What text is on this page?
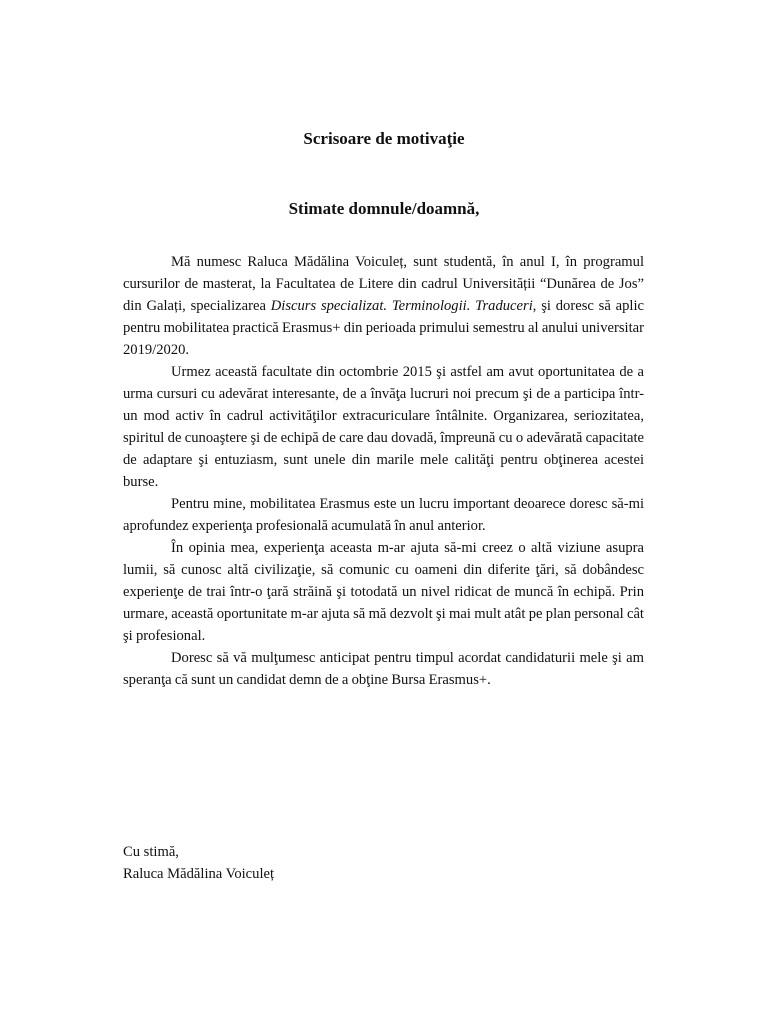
Scrisoare de motivaţie
Stimate domnule/doamnă,

Mă numesc Raluca Mădălina Voiculeț, sunt studentă, în anul I, în programul cursurilor de masterat, la Facultatea de Litere din cadrul Universității “Dunărea de Jos” din Galați, specializarea Discurs specializat. Terminologii. Traduceri, şi doresc să aplic pentru mobilitatea practică Erasmus+ din perioada primului semestru al anului universitar 2019/2020.

Urmez această facultate din octombrie 2015 şi astfel am avut oportunitatea de a urma cursuri cu adevărat interesante, de a învăţa lucruri noi precum şi de a participa într-un mod activ în cadrul activităţilor extracuriculare întâlnite. Organizarea, seriozitatea, spiritul de cunoaştere şi de echipă de care dau dovadă, împreună cu o adevărată capacitate de adaptare şi entuziasm, sunt unele din marile mele calităţi pentru obţinerea acestei burse.

Pentru mine, mobilitatea Erasmus este un lucru important deoarece doresc să-mi aprofundez experienţa profesională acumulată în anul anterior.

În opinia mea, experienţa aceasta m-ar ajuta să-mi creez o altă viziune asupra lumii, să cunosc altă civilizaţie, să comunic cu oameni din diferite ţări, să dobândesc experienţe de trai într-o ţară străină şi totodată un nivel ridicat de muncă în echipă. Prin urmare, această oportunitate m-ar ajuta să mă dezvolt şi mai mult atât pe plan personal cât şi profesional.

Doresc să vă mulţumesc anticipat pentru timpul acordat candidaturii mele şi am speranţa că sunt un candidat demn de a obţine Bursa Erasmus+.

Cu stimă,
Raluca Mădălina Voiculeț
